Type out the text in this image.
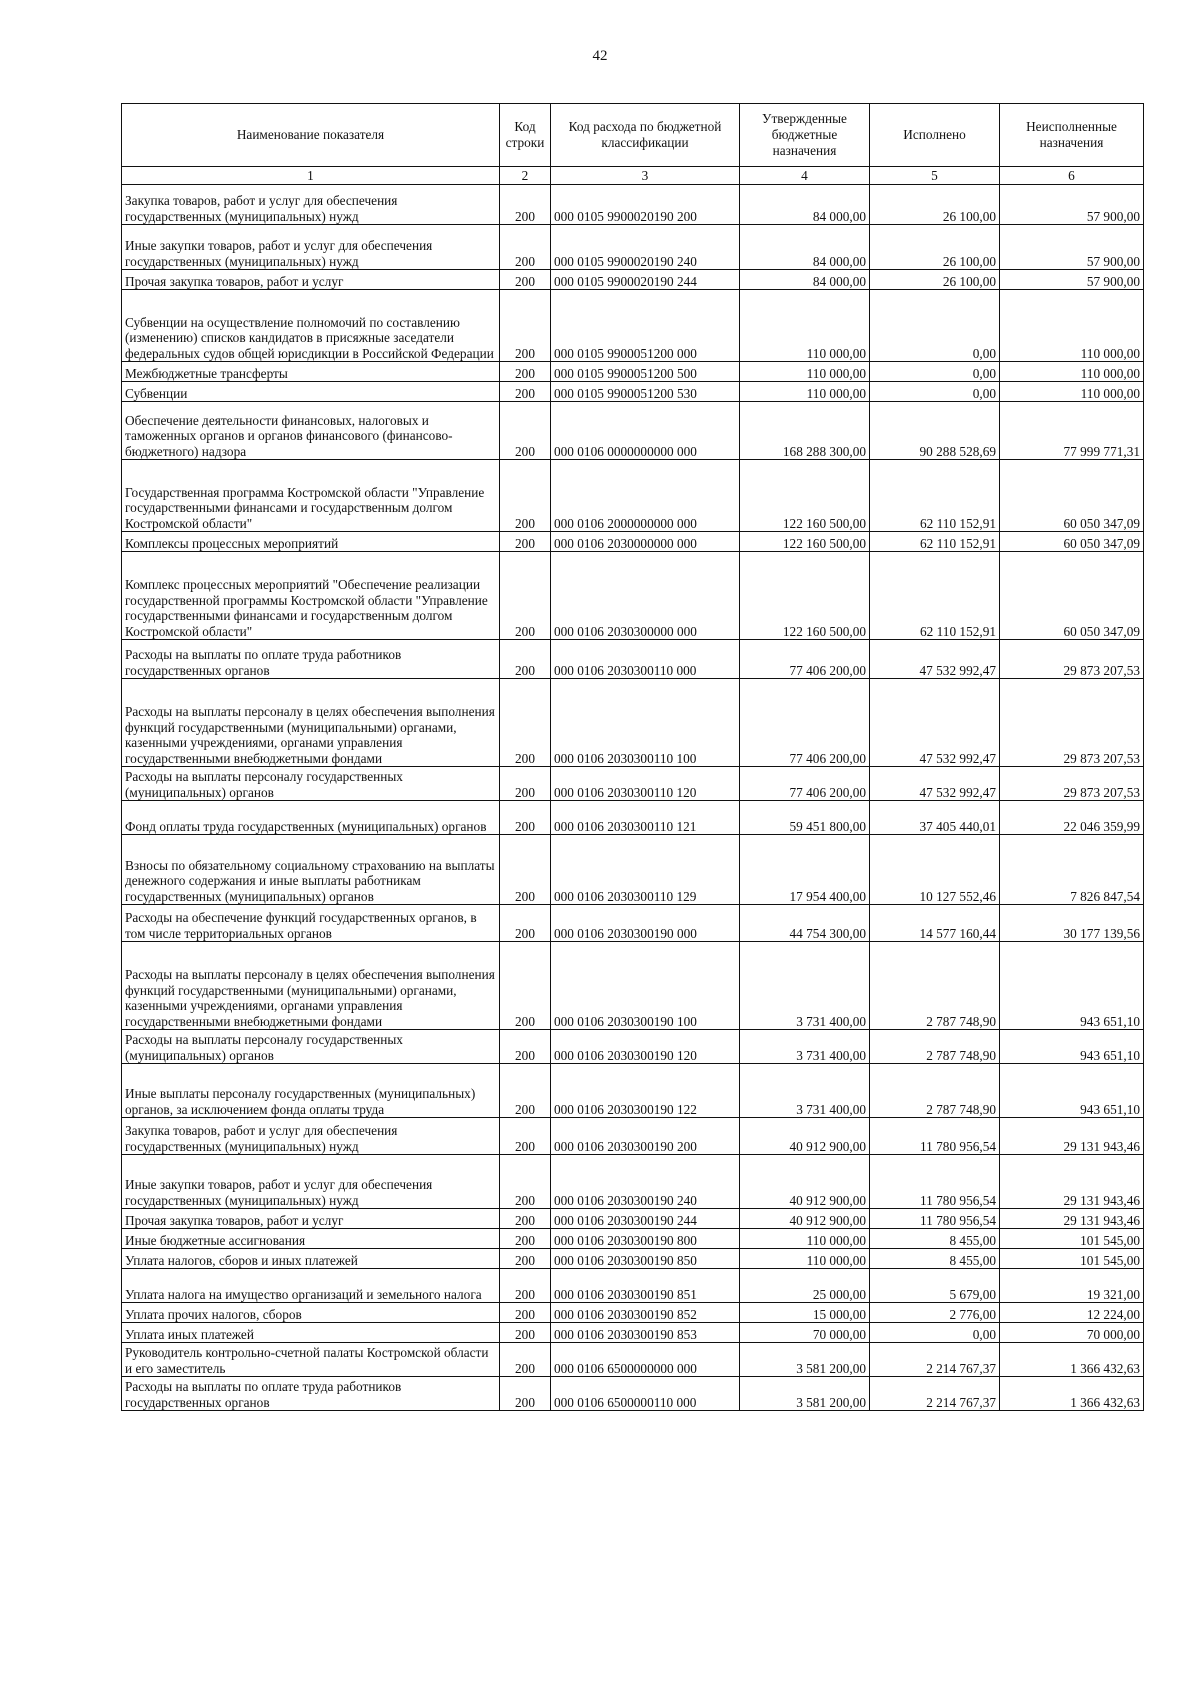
42
Наименование показателя	Код строки	Код расхода по бюджетной классификации	Утвержденные бюджетные назначения	Исполнено	Неисполненные назначения
1	2	3	4	5	6
Закупка товаров, работ и услуг для обеспечения государственных (муниципальных) нужд	200	000 0105 9900020190 200	84 000,00	26 100,00	57 900,00
Иные закупки товаров, работ и услуг для обеспечения государственных (муниципальных) нужд	200	000 0105 9900020190 240	84 000,00	26 100,00	57 900,00
Прочая закупка товаров, работ и услуг	200	000 0105 9900020190 244	84 000,00	26 100,00	57 900,00
Субвенции на осуществление полномочий по составлению (изменению) списков кандидатов в присяжные заседатели федеральных судов общей юрисдикции в Российской Федерации	200	000 0105 9900051200 000	110 000,00	0,00	110 000,00
Межбюджетные трансферты	200	000 0105 9900051200 500	110 000,00	0,00	110 000,00
Субвенции	200	000 0105 9900051200 530	110 000,00	0,00	110 000,00
Обеспечение деятельности финансовых, налоговых и таможенных органов и органов финансового (финансово-бюджетного) надзора	200	000 0106 0000000000 000	168 288 300,00	90 288 528,69	77 999 771,31
Государственная программа Костромской области "Управление государственными финансами и государственным долгом Костромской области"	200	000 0106 2000000000 000	122 160 500,00	62 110 152,91	60 050 347,09
Комплексы процессных мероприятий	200	000 0106 2030000000 000	122 160 500,00	62 110 152,91	60 050 347,09
Комплекс процессных мероприятий "Обеспечение реализации государственной программы Костромской области "Управление государственными финансами и государственным долгом Костромской области"	200	000 0106 2030300000 000	122 160 500,00	62 110 152,91	60 050 347,09
Расходы на выплаты по оплате труда работников государственных органов	200	000 0106 2030300110 000	77 406 200,00	47 532 992,47	29 873 207,53
Расходы на выплаты персоналу в целях обеспечения выполнения функций государственными (муниципальными) органами, казенными учреждениями, органами управления государственными внебюджетными фондами	200	000 0106 2030300110 100	77 406 200,00	47 532 992,47	29 873 207,53
Расходы на выплаты персоналу государственных (муниципальных) органов	200	000 0106 2030300110 120	77 406 200,00	47 532 992,47	29 873 207,53
Фонд оплаты труда государственных (муниципальных) органов	200	000 0106 2030300110 121	59 451 800,00	37 405 440,01	22 046 359,99
Взносы по обязательному социальному страхованию на выплаты денежного содержания и иные выплаты работникам государственных (муниципальных) органов	200	000 0106 2030300110 129	17 954 400,00	10 127 552,46	7 826 847,54
Расходы на обеспечение функций государственных органов, в том числе территориальных органов	200	000 0106 2030300190 000	44 754 300,00	14 577 160,44	30 177 139,56
Расходы на выплаты персоналу в целях обеспечения выполнения функций государственными (муниципальными) органами, казенными учреждениями, органами управления государственными внебюджетными фондами	200	000 0106 2030300190 100	3 731 400,00	2 787 748,90	943 651,10
Расходы на выплаты персоналу государственных (муниципальных) органов	200	000 0106 2030300190 120	3 731 400,00	2 787 748,90	943 651,10
Иные выплаты персоналу государственных (муниципальных) органов, за исключением фонда оплаты труда	200	000 0106 2030300190 122	3 731 400,00	2 787 748,90	943 651,10
Закупка товаров, работ и услуг для обеспечения государственных (муниципальных) нужд	200	000 0106 2030300190 200	40 912 900,00	11 780 956,54	29 131 943,46
Иные закупки товаров, работ и услуг для обеспечения государственных (муниципальных) нужд	200	000 0106 2030300190 240	40 912 900,00	11 780 956,54	29 131 943,46
Прочая закупка товаров, работ и услуг	200	000 0106 2030300190 244	40 912 900,00	11 780 956,54	29 131 943,46
Иные бюджетные ассигнования	200	000 0106 2030300190 800	110 000,00	8 455,00	101 545,00
Уплата налогов, сборов и иных платежей	200	000 0106 2030300190 850	110 000,00	8 455,00	101 545,00
Уплата налога на имущество организаций и земельного налога	200	000 0106 2030300190 851	25 000,00	5 679,00	19 321,00
Уплата прочих налогов, сборов	200	000 0106 2030300190 852	15 000,00	2 776,00	12 224,00
Уплата иных платежей	200	000 0106 2030300190 853	70 000,00	0,00	70 000,00
Руководитель контрольно-счетной палаты Костромской области и его заместитель	200	000 0106 6500000000 000	3 581 200,00	2 214 767,37	1 366 432,63
Расходы на выплаты по оплате труда работников государственных органов	200	000 0106 6500000110 000	3 581 200,00	2 214 767,37	1 366 432,63
